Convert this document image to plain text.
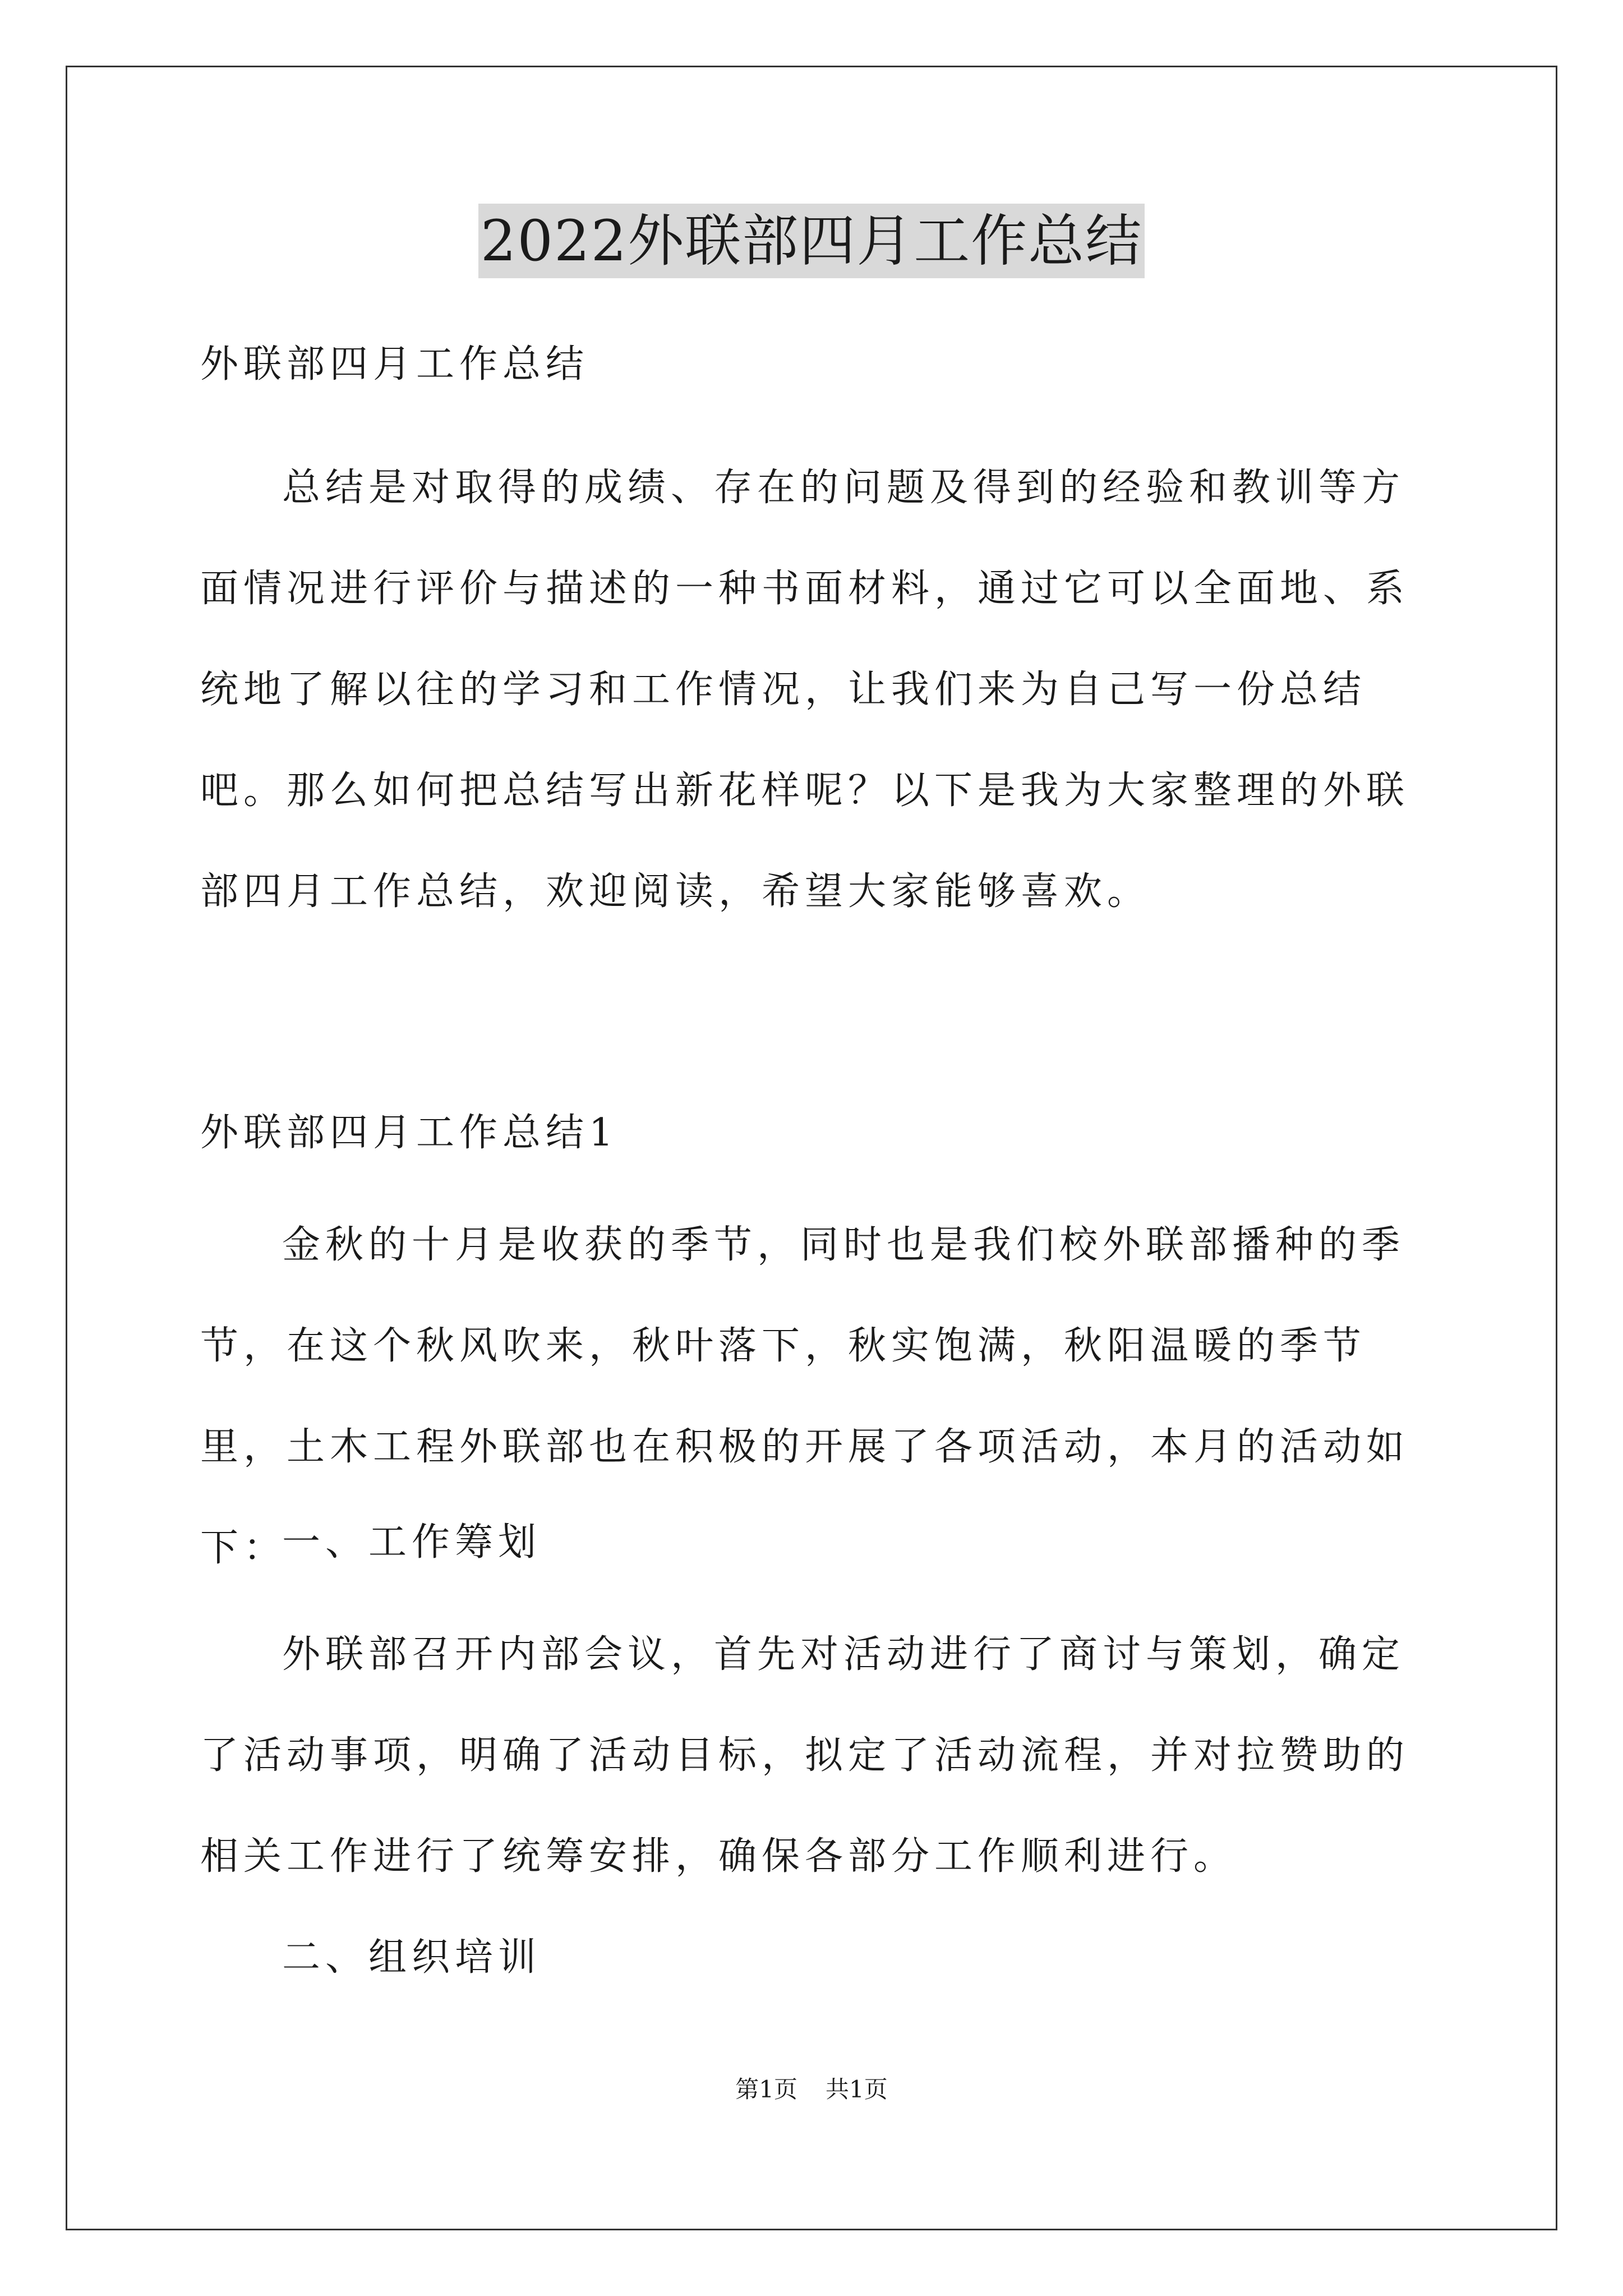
2022外联部四月工作总结

外联部四月工作总结

总结是对取得的成绩、存在的问题及得到的经验和教训等方面情况进行评价与描述的一种书面材料，通过它可以全面地、系统地了解以往的学习和工作情况，让我们来为自己写一份总结吧。那么如何把总结写出新花样呢？以下是我为大家整理的外联部四月工作总结，欢迎阅读，希望大家能够喜欢。

外联部四月工作总结1

金秋的十月是收获的季节，同时也是我们校外联部播种的季节，在这个秋风吹来，秋叶落下，秋实饱满，秋阳温暖的季节里，土木工程外联部也在积极的开展了各项活动，本月的活动如下：

一、工作筹划

外联部召开内部会议，首先对活动进行了商讨与策划，确定了活动事项，明确了活动目标，拟定了活动流程，并对拉赞助的相关工作进行了统筹安排，确保各部分工作顺利进行。

二、组织培训

第1页 共1页
